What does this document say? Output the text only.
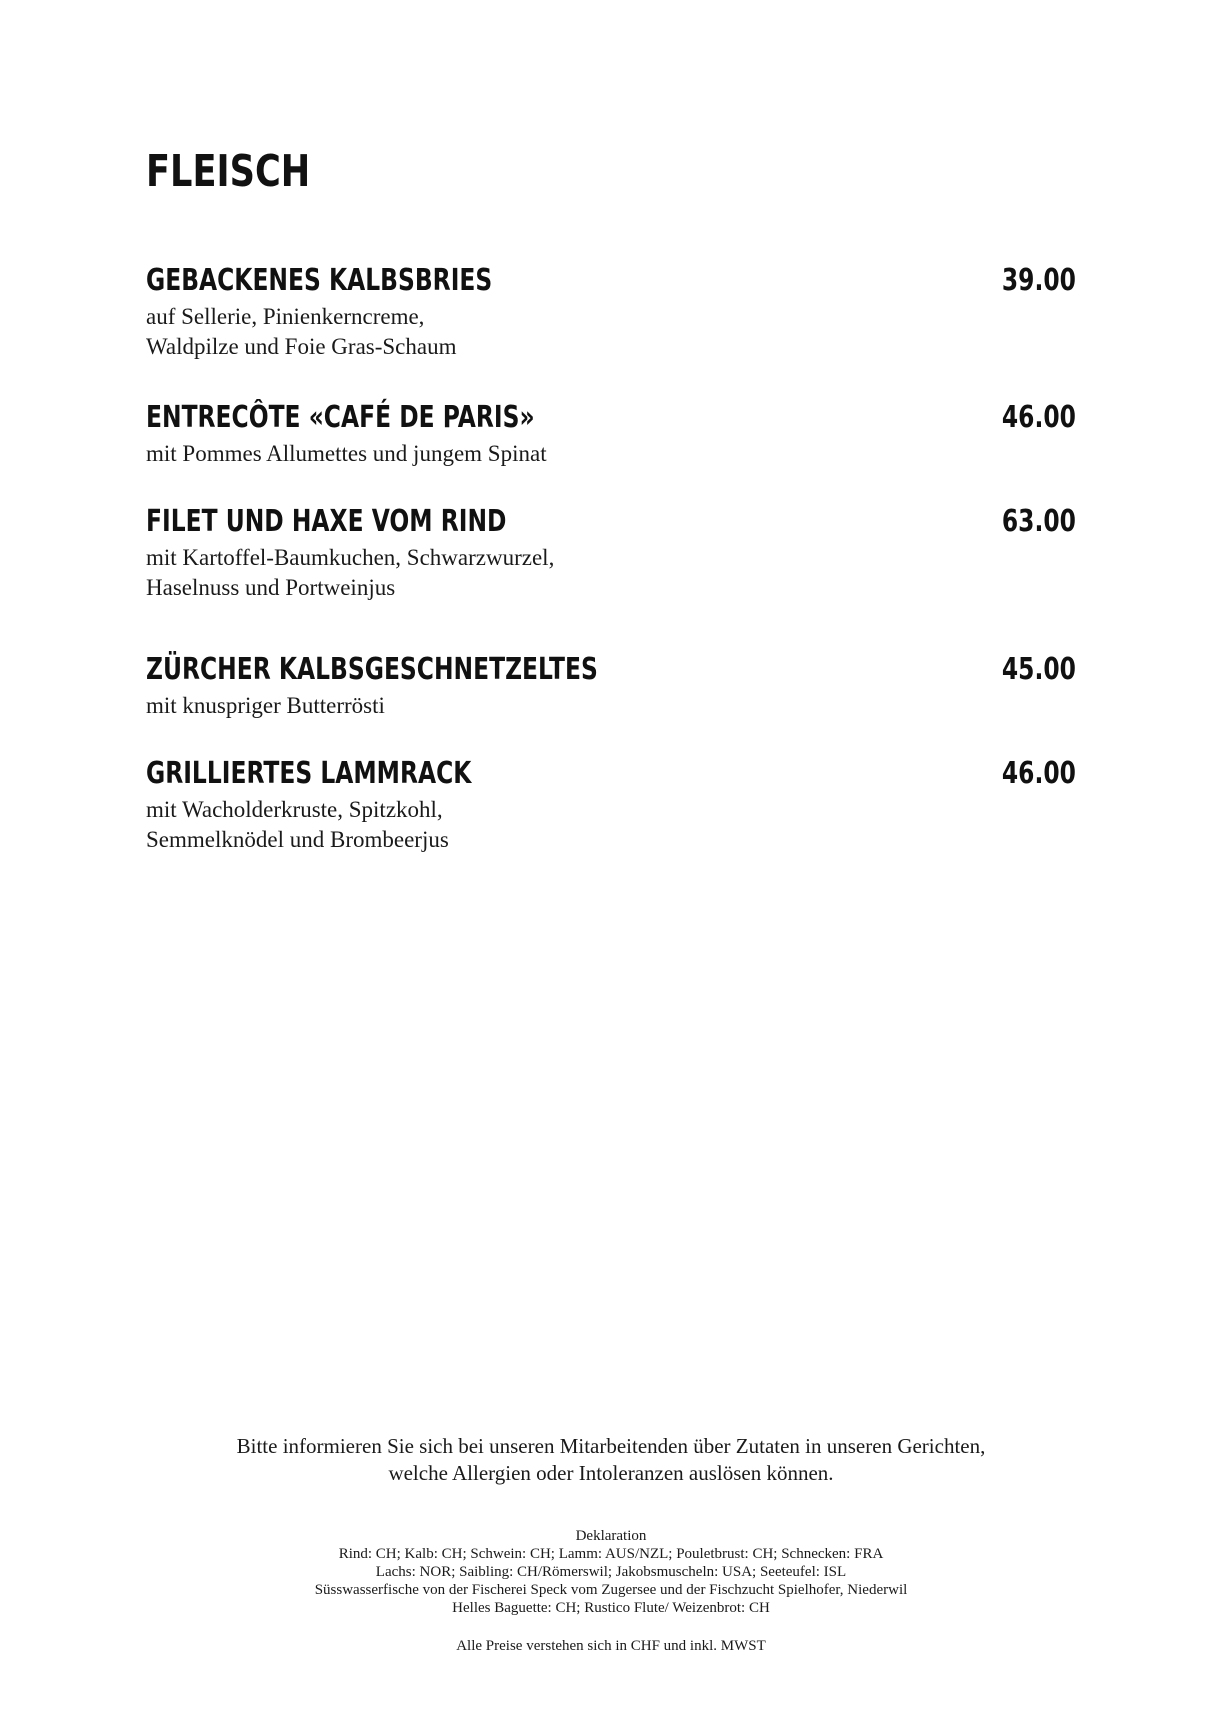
FLEISCH
GEBACKENES KALBSBRIES	39.00
auf Sellerie, Pinienkerncreme,
Waldpilze und Foie Gras-Schaum
ENTRECÔTE «CAFÉ DE PARIS»	46.00
mit Pommes Allumettes und jungem Spinat
FILET UND HAXE VOM RIND	63.00
mit Kartoffel-Baumkuchen, Schwarzwurzel,
Haselnuss und Portweinjus
ZÜRCHER KALBSGESCHNETZELTES	45.00
mit knuspriger Butterrösti
GRILLIERTES LAMMRACK	46.00
mit Wacholderkruste, Spitzkohl,
Semmelknödel und Brombeerjus
Bitte informieren Sie sich bei unseren Mitarbeitenden über Zutaten in unseren Gerichten,
welche Allergien oder Intoleranzen auslösen können.
Deklaration
Rind: CH; Kalb: CH; Schwein: CH; Lamm: AUS/NZL; Pouletbrust: CH; Schnecken: FRA
Lachs: NOR; Saibling: CH/Römerswil; Jakobsmuscheln: USA; Seeteufel: ISL
Süsswasserfische von der Fischerei Speck vom Zugersee und der Fischzucht Spielhofer, Niederwil
Helles Baguette: CH; Rustico Flute/ Weizenbrot: CH
Alle Preise verstehen sich in CHF und inkl. MWST
